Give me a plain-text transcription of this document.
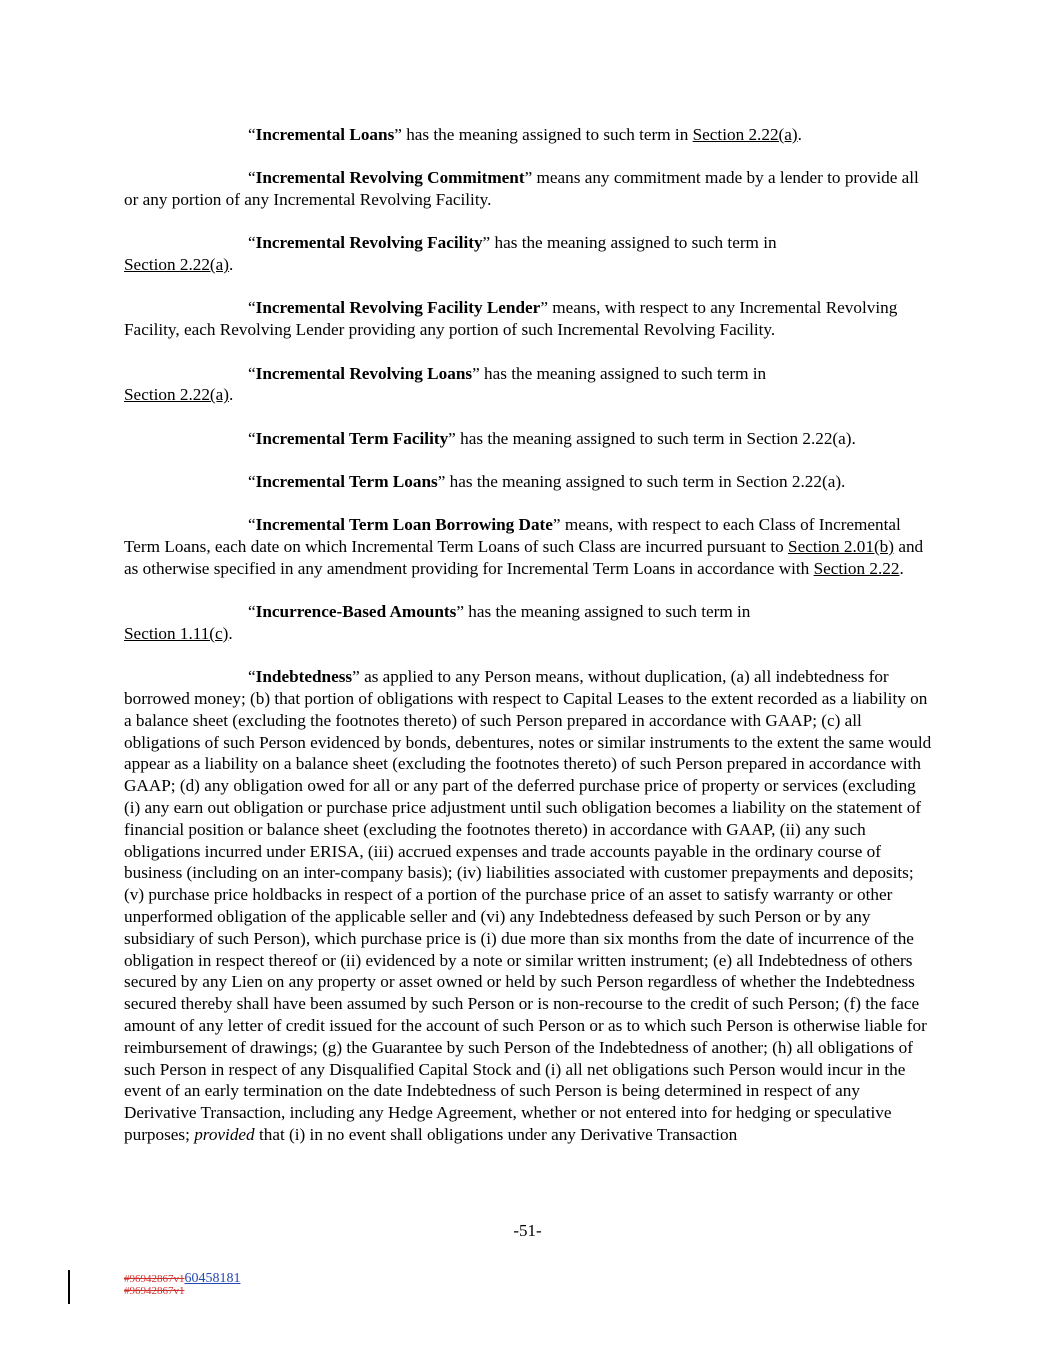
“Incremental Loans” has the meaning assigned to such term in Section 2.22(a).

“Incremental Revolving Commitment” means any commitment made by a lender to provide all or any portion of any Incremental Revolving Facility.

“Incremental Revolving Facility” has the meaning assigned to such term in
Section 2.22(a).

“Incremental Revolving Facility Lender” means, with respect to any Incremental Revolving Facility, each Revolving Lender providing any portion of such Incremental Revolving Facility.

“Incremental Revolving Loans” has the meaning assigned to such term in
Section 2.22(a).

“Incremental Term Facility” has the meaning assigned to such term in Section 2.22(a).

“Incremental Term Loans” has the meaning assigned to such term in Section 2.22(a).

“Incremental Term Loan Borrowing Date” means, with respect to each Class of Incremental Term Loans, each date on which Incremental Term Loans of such Class are incurred pursuant to Section 2.01(b) and as otherwise specified in any amendment providing for Incremental Term Loans in accordance with Section 2.22.

“Incurrence-Based Amounts” has the meaning assigned to such term in
Section 1.11(c).

“Indebtedness” as applied to any Person means, without duplication, (a) all indebtedness for borrowed money; (b) that portion of obligations with respect to Capital Leases to the extent recorded as a liability on a balance sheet (excluding the footnotes thereto) of such Person prepared in accordance with GAAP; (c) all obligations of such Person evidenced by bonds, debentures, notes or similar instruments to the extent the same would appear as a liability on a balance sheet (excluding the footnotes thereto) of such Person prepared in accordance with GAAP; (d) any obligation owed for all or any part of the deferred purchase price of property or services (excluding (i) any earn out obligation or purchase price adjustment until such obligation becomes a liability on the statement of financial position or balance sheet (excluding the footnotes thereto) in accordance with GAAP, (ii) any such obligations incurred under ERISA, (iii) accrued expenses and trade accounts payable in the ordinary course of business (including on an inter-company basis); (iv) liabilities associated with customer prepayments and deposits; (v) purchase price holdbacks in respect of a portion of the purchase price of an asset to satisfy warranty or other unperformed obligation of the applicable seller and (vi) any Indebtedness defeased by such Person or by any subsidiary of such Person), which purchase price is (i) due more than six months from the date of incurrence of the obligation in respect thereof or (ii) evidenced by a note or similar written instrument; (e) all Indebtedness of others secured by any Lien on any property or asset owned or held by such Person regardless of whether the Indebtedness secured thereby shall have been assumed by such Person or is non-recourse to the credit of such Person; (f) the face amount of any letter of credit issued for the account of such Person or as to which such Person is otherwise liable for reimbursement of drawings; (g) the Guarantee by such Person of the Indebtedness of another; (h) all obligations of such Person in respect of any Disqualified Capital Stock and (i) all net obligations such Person would incur in the event of an early termination on the date Indebtedness of such Person is being determined in respect of any Derivative Transaction, including any Hedge Agreement, whether or not entered into for hedging or speculative purposes; provided that (i) in no event shall obligations under any Derivative Transaction

-51-
#96942867v160458181
#96942867v1
